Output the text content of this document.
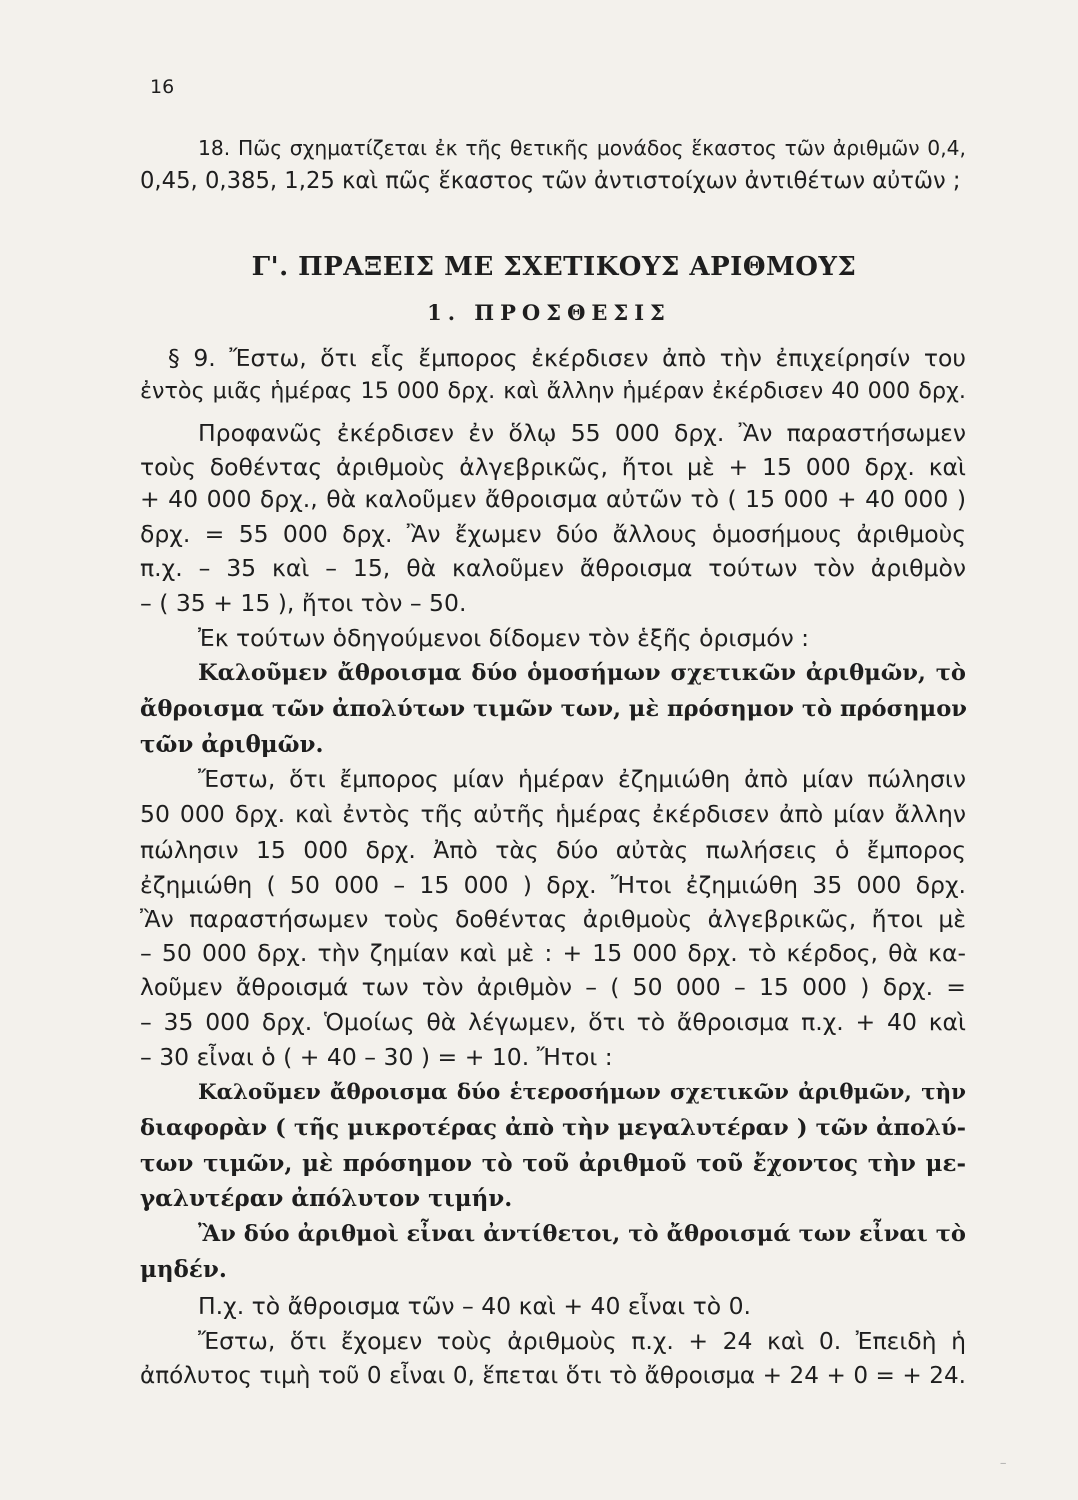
16
18. Πῶς σχηματίζεται ἐκ τῆς θετικῆς μονάδος ἕκαστος τῶν ἀριθμῶν 0,4,
0,45, 0,385, 1,25 καὶ πῶς ἕκαστος τῶν ἀντιστοίχων ἀντιθέτων αὐτῶν ;
Γ'. ΠΡΑΞΕΙΣ ΜΕ ΣΧΕΤΙΚΟΥΣ ΑΡΙΘΜΟΥΣ
1. ΠΡΟΣΘΕΣΙΣ
§ 9. Ἔστω, ὅτι εἷς ἔμπορος ἐκέρδισεν ἀπὸ τὴν ἐπιχείρησίν του
ἐντὸς μιᾶς ἡμέρας 15 000 δρχ. καὶ ἄλλην ἡμέραν ἐκέρδισεν 40 000 δρχ.
Προφανῶς ἐκέρδισεν ἐν ὅλῳ 55 000 δρχ. Ἂν παραστήσωμεν
τοὺς δοθέντας ἀριθμοὺς ἀλγεβρικῶς, ἤτοι μὲ + 15 000 δρχ. καὶ
+ 40 000 δρχ., θὰ καλοῦμεν ἄθροισμα αὐτῶν τὸ ( 15 000 + 40 000 )
δρχ. = 55 000 δρχ. Ἂν ἔχωμεν δύο ἄλλους ὁμοσήμους ἀριθμοὺς
π.χ. – 35 καὶ – 15, θὰ καλοῦμεν ἄθροισμα τούτων τὸν ἀριθμὸν
– ( 35 + 15 ), ἤτοι τὸν – 50.
Ἐκ τούτων ὁδηγούμενοι δίδομεν τὸν ἑξῆς ὁρισμόν :
Καλοῦμεν ἄθροισμα δύο ὁμοσήμων σχετικῶν ἀριθμῶν, τὸ
ἄθροισμα τῶν ἀπολύτων τιμῶν των, μὲ πρόσημον τὸ πρόσημον
τῶν ἀριθμῶν.
Ἔστω, ὅτι ἔμπορος μίαν ἡμέραν ἐζημιώθη ἀπὸ μίαν πώλησιν
50 000 δρχ. καὶ ἐντὸς τῆς αὐτῆς ἡμέρας ἐκέρδισεν ἀπὸ μίαν ἄλλην
πώλησιν 15 000 δρχ. Ἀπὸ τὰς δύο αὐτὰς πωλήσεις ὁ ἔμπορος
ἐζημιώθη ( 50 000 – 15 000 ) δρχ. Ἤτοι ἐζημιώθη 35 000 δρχ.
Ἂν παραστήσωμεν τοὺς δοθέντας ἀριθμοὺς ἀλγεβρικῶς, ἤτοι μὲ
– 50 000 δρχ. τὴν ζημίαν καὶ μὲ : + 15 000 δρχ. τὸ κέρδος, θὰ κα-
λοῦμεν ἄθροισμά των τὸν ἀριθμὸν – ( 50 000 – 15 000 ) δρχ. =
– 35 000 δρχ. Ὁμοίως θὰ λέγωμεν, ὅτι τὸ ἄθροισμα π.χ. + 40 καὶ
– 30 εἶναι ὁ ( + 40 – 30 ) = + 10. Ἤτοι :
Καλοῦμεν ἄθροισμα δύο ἑτεροσήμων σχετικῶν ἀριθμῶν, τὴν
διαφορὰν ( τῆς μικροτέρας ἀπὸ τὴν μεγαλυτέραν ) τῶν ἀπολύ-
των τιμῶν, μὲ πρόσημον τὸ τοῦ ἀριθμοῦ τοῦ ἔχοντος τὴν με-
γαλυτέραν ἀπόλυτον τιμήν.
Ἂν δύο ἀριθμοὶ εἶναι ἀντίθετοι, τὸ ἄθροισμά των εἶναι τὸ
μηδέν.
Π.χ. τὸ ἄθροισμα τῶν – 40 καὶ + 40 εἶναι τὸ 0.
Ἔστω, ὅτι ἔχομεν τοὺς ἀριθμοὺς π.χ. + 24 καὶ 0. Ἐπειδὴ ἡ
ἀπόλυτος τιμὴ τοῦ 0 εἶναι 0, ἕπεται ὅτι τὸ ἄθροισμα + 24 + 0 = + 24.
‒
